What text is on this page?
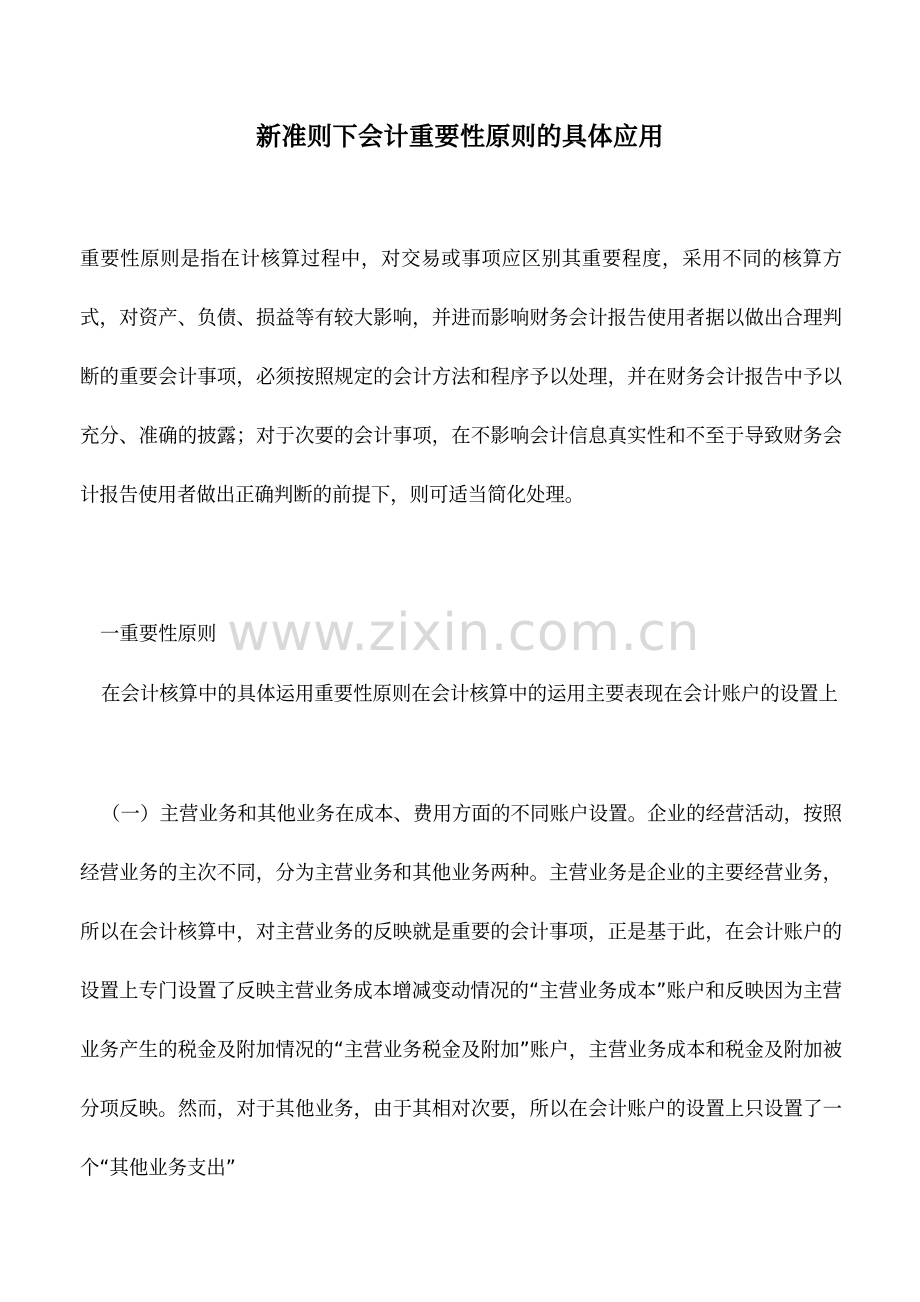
新准则下会计重要性原则的具体应用

重要性原则是指在计核算过程中，对交易或事项应区别其重要程度，采用不同的核算方式，对资产、负债、损益等有较大影响，并进而影响财务会计报告使用者据以做出合理判断的重要会计事项，必须按照规定的会计方法和程序予以处理，并在财务会计报告中予以充分、准确的披露；对于次要的会计事项，在不影响会计信息真实性和不至于导致财务会计报告使用者做出正确判断的前提下，则可适当简化处理。

一重要性原则

在会计核算中的具体运用重要性原则在会计核算中的运用主要表现在会计账户的设置上

（一）主营业务和其他业务在成本、费用方面的不同账户设置。企业的经营活动，按照经营业务的主次不同，分为主营业务和其他业务两种。主营业务是企业的主要经营业务，所以在会计核算中，对主营业务的反映就是重要的会计事项，正是基于此，在会计账户的设置上专门设置了反映主营业务成本增减变动情况的“主营业务成本”账户和反映因为主营业务产生的税金及附加情况的“主营业务税金及附加”账户，主营业务成本和税金及附加被分项反映。然而，对于其他业务，由于其相对次要，所以在会计账户的设置上只设置了一个“其他业务支出”

www.zixin.com.cn
